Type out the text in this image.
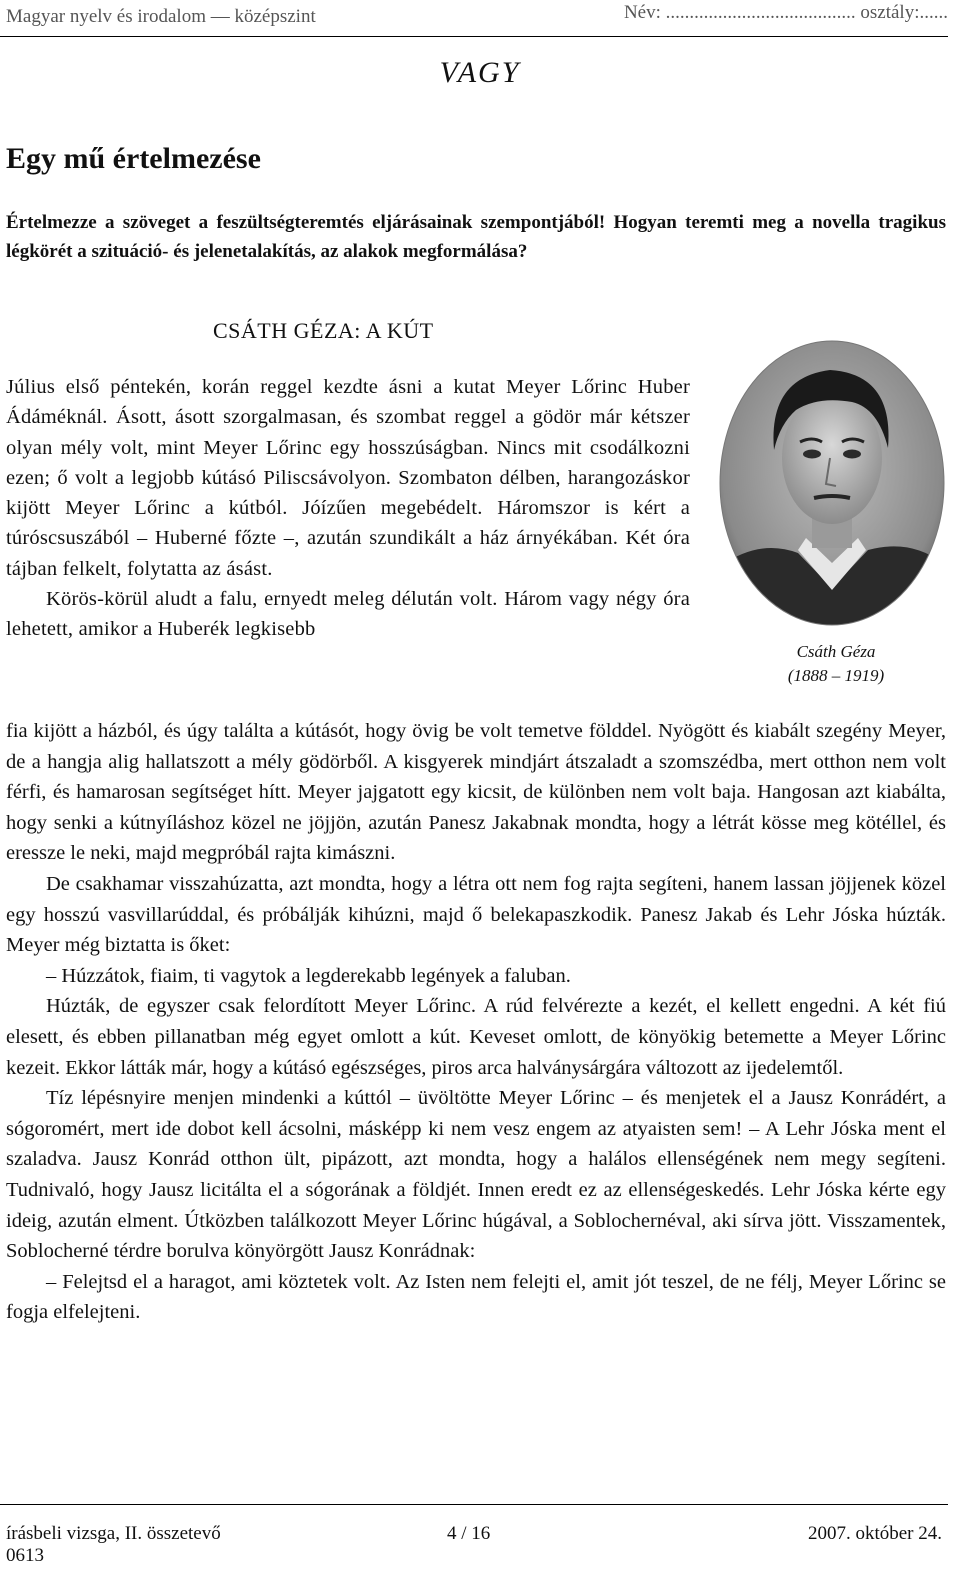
Magyar nyelv és irodalom — középszint	Név: ........................................ osztály:......
VAGY
Egy mű értelmezése
Értelmezze a szöveget a feszültségteremtés eljárásainak szempontjából! Hogyan teremti meg a novella tragikus légkörét a szituáció- és jelenetalakítás, az alakok megformálása?
CSÁTH GÉZA: A KÚT

Július első péntekén, korán reggel kezdte ásni a kutat Meyer Lőrinc Huber Ádáméknál. Ásott, ásott szorgalmasan, és szombat reggel a gödör már kétszer olyan mély volt, mint Meyer Lőrinc egy hosszúságban. Nincs mit csodálkozni ezen; ő volt a legjobb kútásó Piliscsávolyon. Szombaton délben, harangozáskor kijött Meyer Lőrinc a kútból. Jóízűen megebédelt. Háromszor is kért a túróscsuszából – Huberné főzte –, azután szundikált a ház árnyékában. Két óra tájban felkelt, folytatta az ásást.

Körös-körül aludt a falu, ernyedt meleg délután volt. Három vagy négy óra lehetett, amikor a Huberék legkisebb

Csáth Géza
(1888 – 1919)

fia kijött a házból, és úgy találta a kútásót, hogy övig be volt temetve földdel. Nyögött és kiabált szegény Meyer, de a hangja alig hallatszott a mély gödörből. A kisgyerek mindjárt átszaladt a szomszédba, mert otthon nem volt férfi, és hamarosan segítséget hítt. Meyer jajgatott egy kicsit, de különben nem volt baja. Hangosan azt kiabálta, hogy senki a kútnyíláshoz közel ne jöjjön, azután Panesz Jakabnak mondta, hogy a létrát kösse meg kötéllel, és eressze le neki, majd megpróbál rajta kimászni.

De csakhamar visszahúzatta, azt mondta, hogy a létra ott nem fog rajta segíteni, hanem lassan jöjjenek közel egy hosszú vasvillarúddal, és próbálják kihúzni, majd ő belekapaszkodik. Panesz Jakab és Lehr Jóska húzták. Meyer még biztatta is őket:

– Húzzátok, fiaim, ti vagytok a legderekabb legények a faluban.

Húzták, de egyszer csak felordított Meyer Lőrinc. A rúd felvérezte a kezét, el kellett engedni. A két fiú elesett, és ebben pillanatban még egyet omlott a kút. Keveset omlott, de könyökig betemette a Meyer Lőrinc kezeit. Ekkor látták már, hogy a kútásó egészséges, piros arca halványsárgára változott az ijedelemtől.

Tíz lépésnyire menjen mindenki a kúttól – üvöltötte Meyer Lőrinc – és menjetek el a Jausz Konrádért, a sógoromért, mert ide dobot kell ácsolni, másképp ki nem vesz engem az atyaisten sem! – A Lehr Jóska ment el szaladva. Jausz Konrád otthon ült, pipázott, azt mondta, hogy a halálos ellenségének nem megy segíteni. Tudnivaló, hogy Jausz licitálta el a sógorának a földjét. Innen eredt ez az ellenségeskedés. Lehr Jóska kérte egy ideig, azután elment. Útközben találkozott Meyer Lőrinc húgával, a Soblochernéval, aki sírva jött. Visszamentek, Soblocherné térdre borulva könyörgött Jausz Konrádnak:

– Felejtsd el a haragot, ami köztetek volt. Az Isten nem felejti el, amit jót teszel, de ne félj, Meyer Lőrinc se fogja elfelejteni.

írásbeli vizsga, II. összetevő
0613
4 / 16	2007. október 24.
